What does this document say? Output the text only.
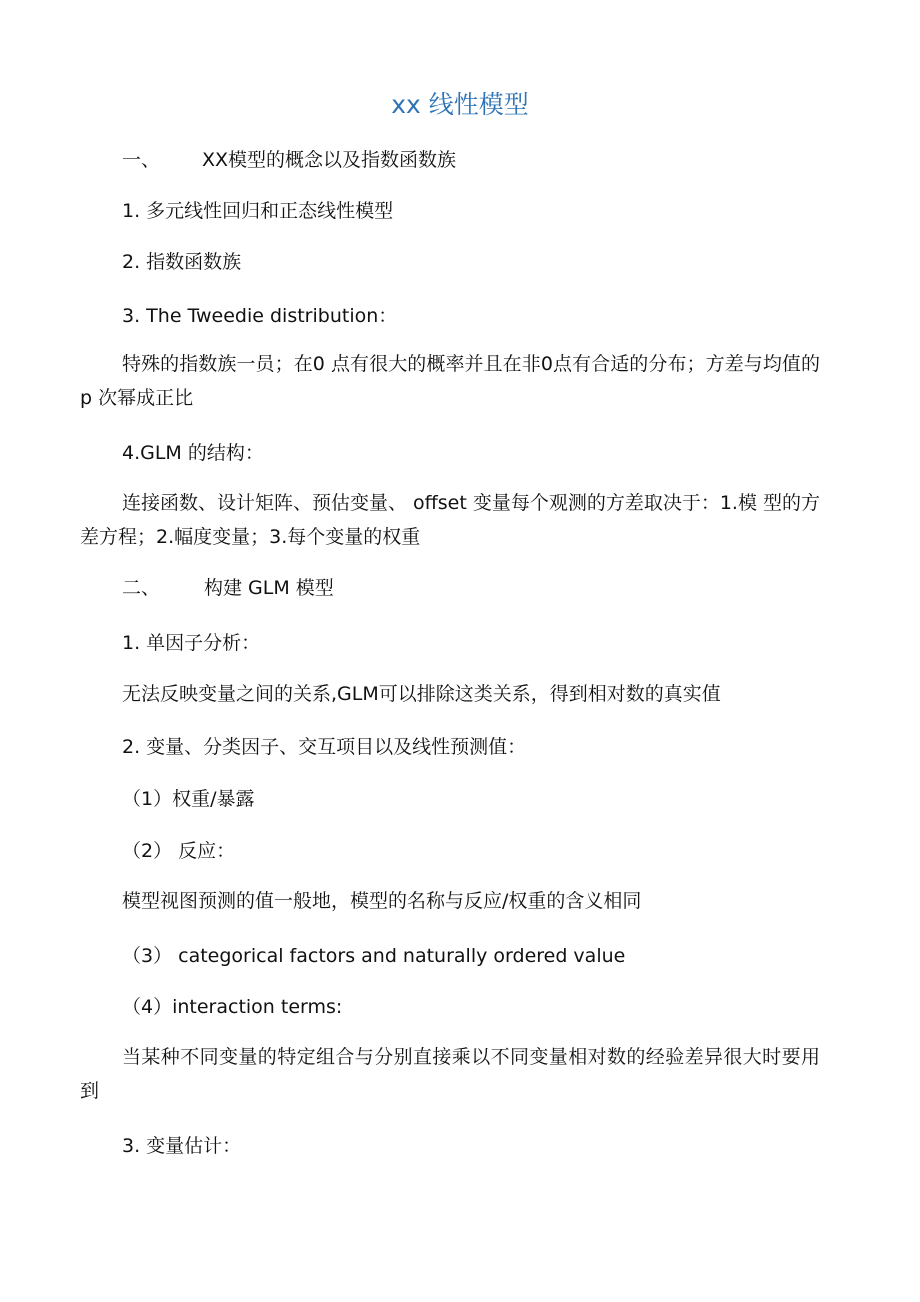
xx 线性模型
一、 XX模型的概念以及指数函数族
1. 多元线性回归和正态线性模型
2. 指数函数族
3. The Tweedie distribution：
特殊的指数族一员；在0 点有很大的概率并且在非0点有合适的分布；方差与均值的 p 次幂成正比
4.GLM 的结构：
连接函数、设计矩阵、预估变量、 offset 变量每个观测的方差取决于：1.模 型的方差方程；2.幅度变量；3.每个变量的权重
二、 构建 GLM 模型
1. 单因子分析：
无法反映变量之间的关系,GLM可以排除这类关系，得到相对数的真实值
2. 变量、分类因子、交互项目以及线性预测值：
（1）权重/暴露
（2） 反应：
模型视图预测的值一般地，模型的名称与反应/权重的含义相同
（3） categorical factors and naturally ordered value
（4）interaction terms:
当某种不同变量的特定组合与分别直接乘以不同变量相对数的经验差异很大时要用到
3. 变量估计：
